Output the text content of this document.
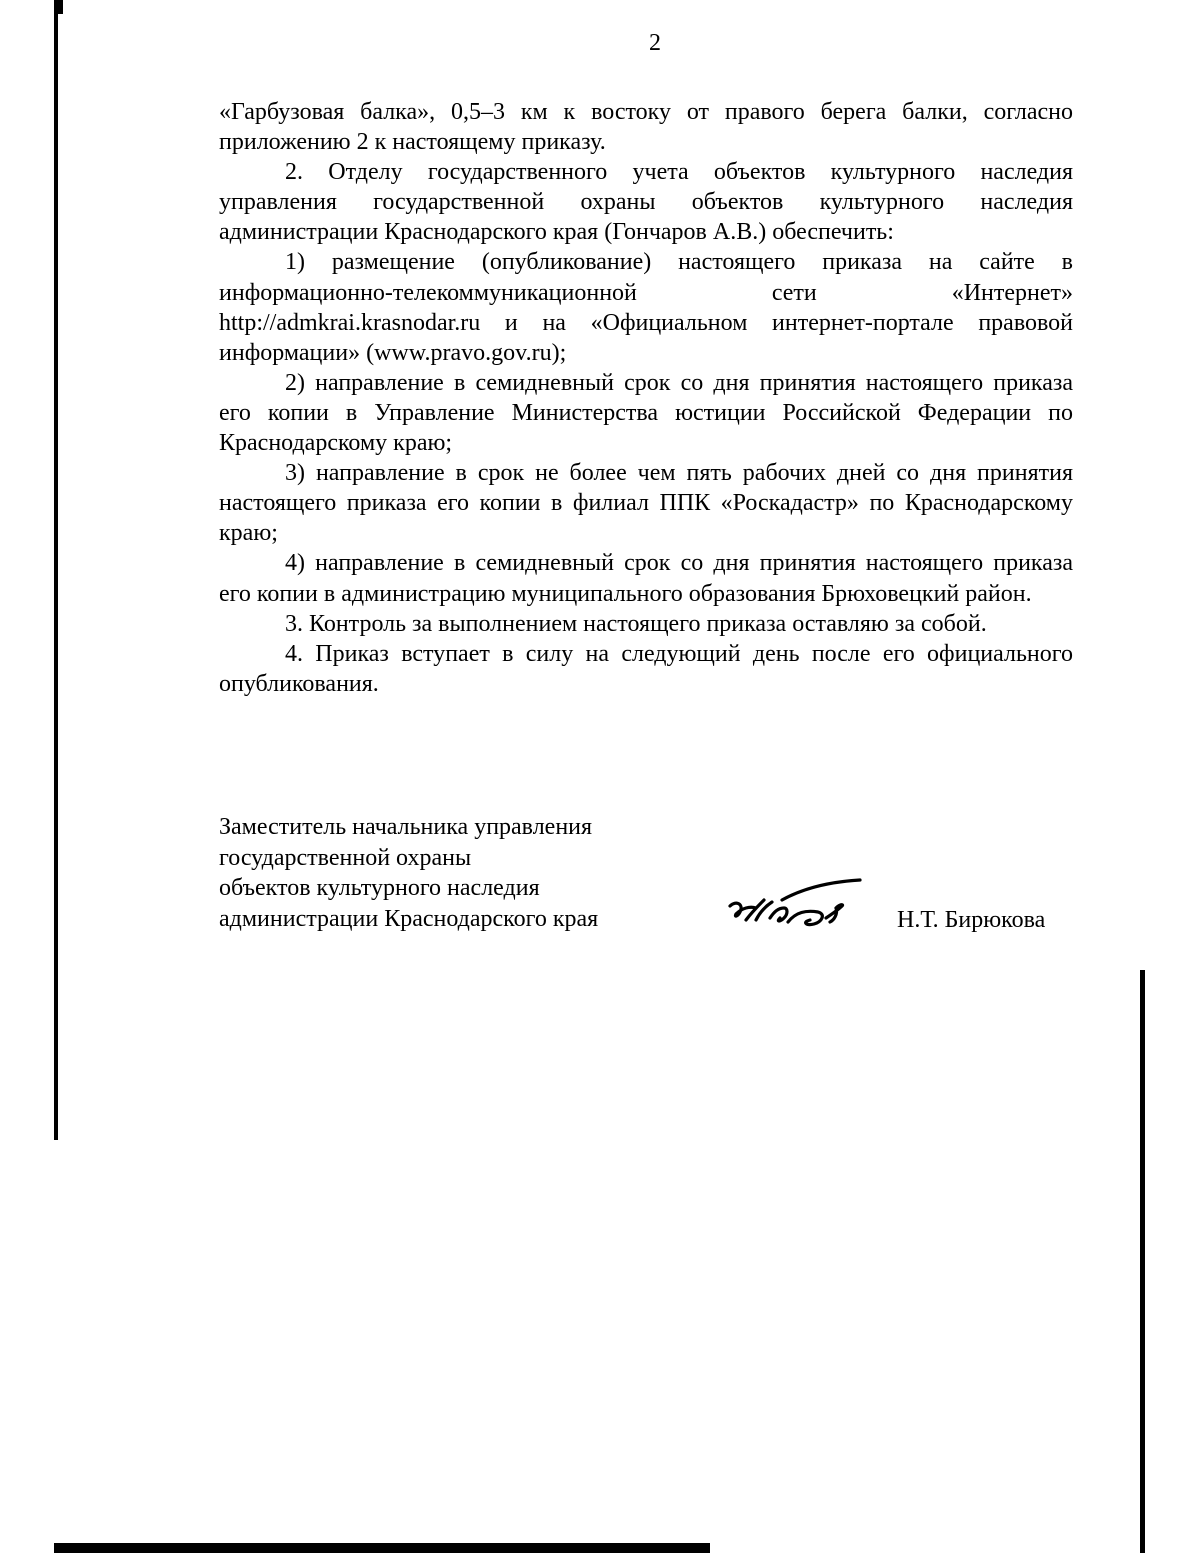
2

«Гарбузовая балка», 0,5–3 км к востоку от правого берега балки, согласно приложению 2 к настоящему приказу.

2. Отделу государственного учета объектов культурного наследия управления государственной охраны объектов культурного наследия администрации Краснодарского края (Гончаров А.В.) обеспечить:

1) размещение (опубликование) настоящего приказа на сайте в информационно-телекоммуникационной сети «Интернет» http://admkrai.krasnodar.ru и на «Официальном интернет-портале правовой информации» (www.pravo.gov.ru);

2) направление в семидневный срок со дня принятия настоящего приказа его копии в Управление Министерства юстиции Российской Федерации по Краснодарскому краю;

3) направление в срок не более чем пять рабочих дней со дня принятия настоящего приказа его копии в филиал ППК «Роскадастр» по Краснодарскому краю;

4) направление в семидневный срок со дня принятия настоящего приказа его копии в администрацию муниципального образования Брюховецкий район.

3. Контроль за выполнением настоящего приказа оставляю за собой.

4. Приказ вступает в силу на следующий день после его официального опубликования.

Заместитель начальника управления
государственной охраны
объектов культурного наследия
администрации Краснодарского края	Н.Т. Бирюкова
